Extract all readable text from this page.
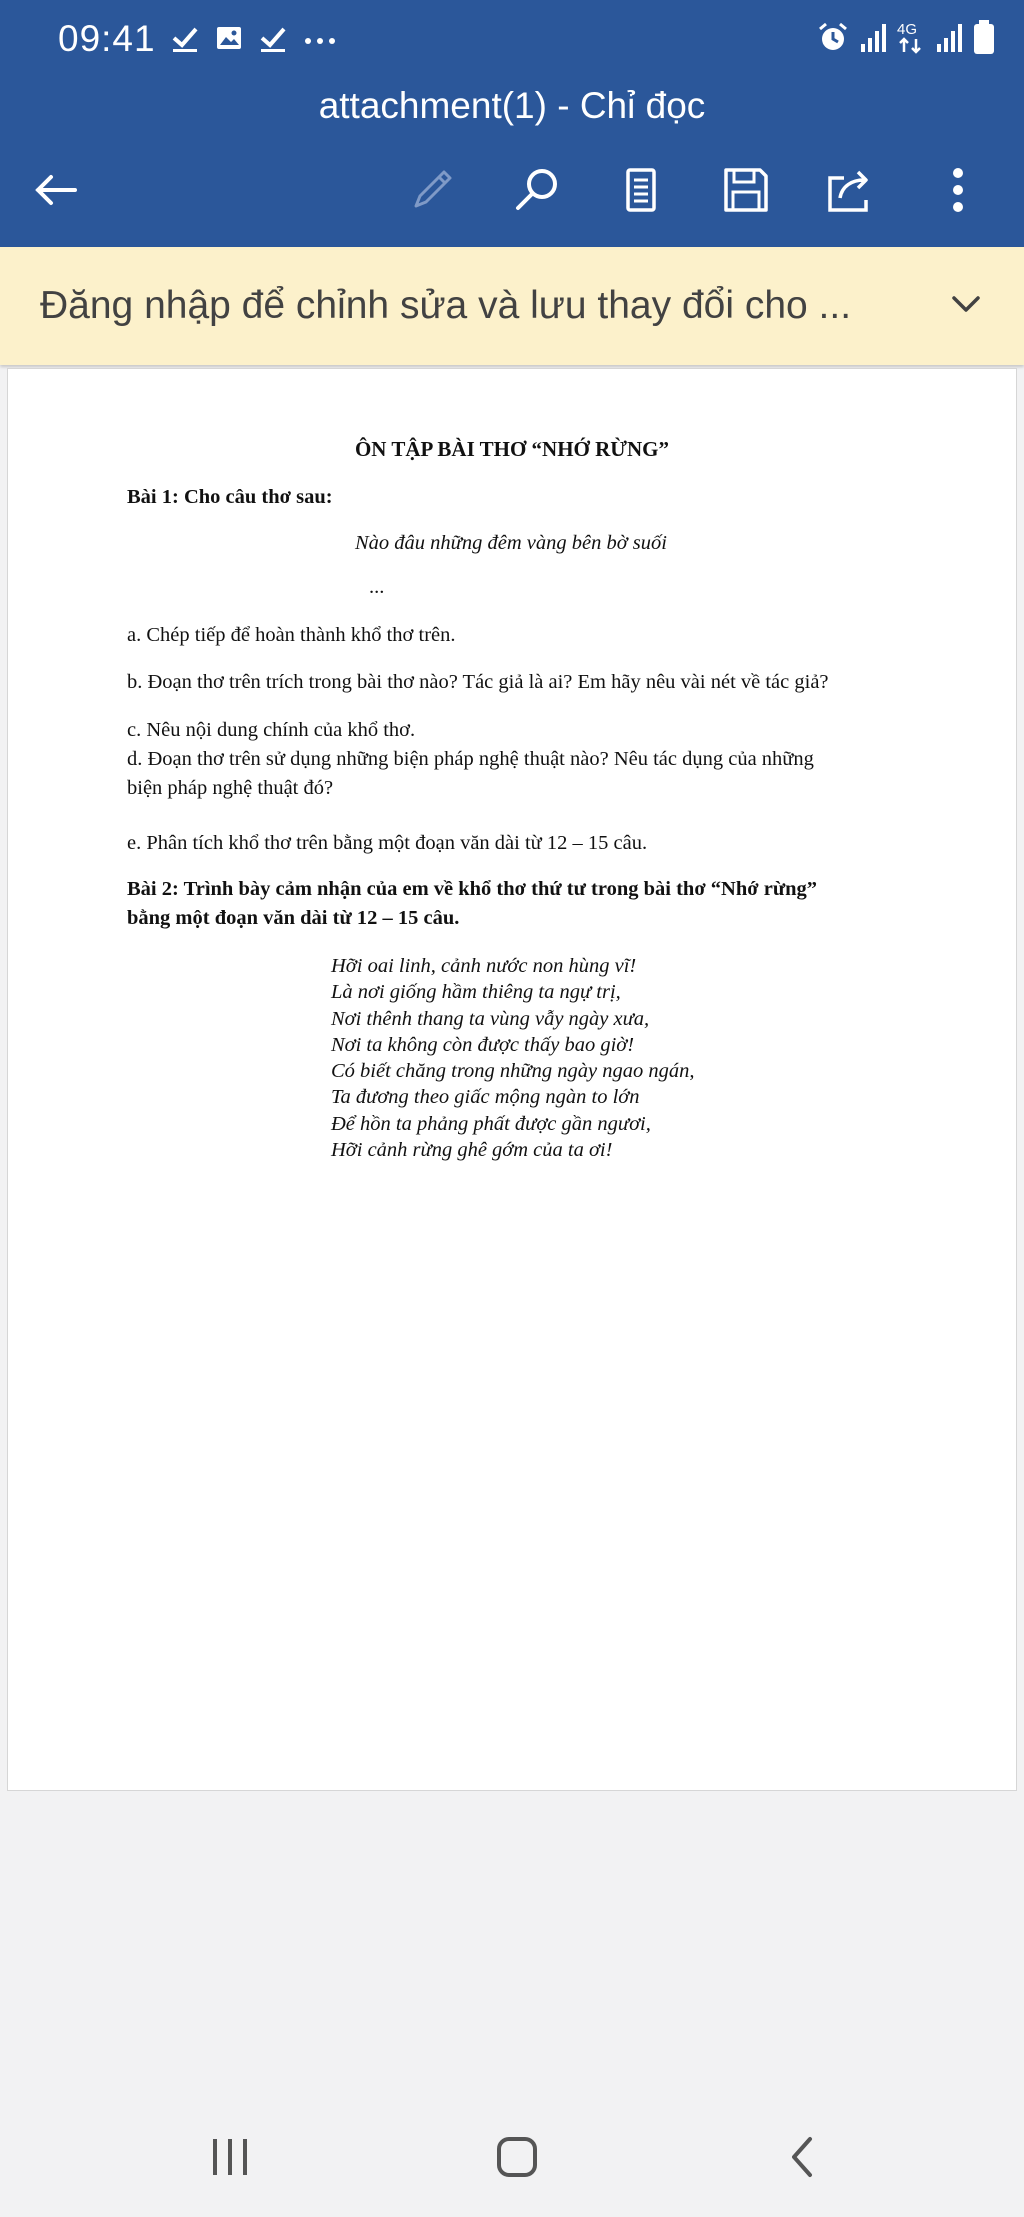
09:41	4G
attachment(1) - Chỉ đọc
Đăng nhập để chỉnh sửa và lưu thay đổi cho ...
ÔN TẬP BÀI THƠ “NHỚ RỪNG”
Bài 1: Cho câu thơ sau:
Nào đâu những đêm vàng bên bờ suối
...
a. Chép tiếp để hoàn thành khổ thơ trên.
b. Đoạn thơ trên trích trong bài thơ nào? Tác giả là ai? Em hãy nêu vài nét về tác giả?
c. Nêu nội dung chính của khổ thơ.
d. Đoạn thơ trên sử dụng những biện pháp nghệ thuật nào? Nêu tác dụng của những
biện pháp nghệ thuật đó?
e. Phân tích khổ thơ trên bằng một đoạn văn dài từ 12 – 15 câu.
Bài 2: Trình bày cảm nhận của em về khổ thơ thứ tư trong bài thơ “Nhớ rừng”
bằng một đoạn văn dài từ 12 – 15 câu.
Hỡi oai linh, cảnh nước non hùng vĩ!
Là nơi giống hầm thiêng ta ngự trị,
Nơi thênh thang ta vùng vẫy ngày xưa,
Nơi ta không còn được thấy bao giờ!
Có biết chăng trong những ngày ngao ngán,
Ta đương theo giấc mộng ngàn to lớn
Để hồn ta phảng phất được gần ngươi,
Hỡi cảnh rừng ghê gớm của ta ơi!
